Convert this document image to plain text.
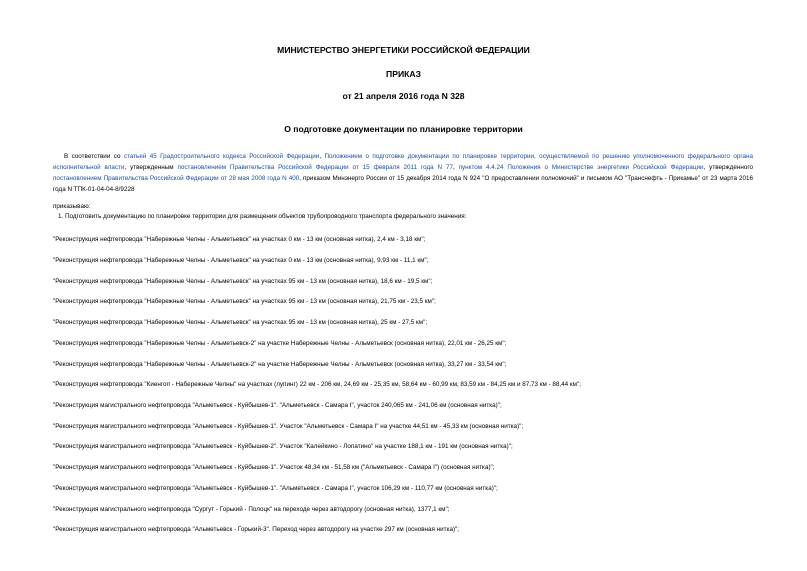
МИНИСТЕРСТВО ЭНЕРГЕТИКИ РОССИЙСКОЙ ФЕДЕРАЦИИ
ПРИКАЗ
от 21 апреля 2016 года N 328
О подготовке документации по планировке территории
В соответствии со статьей 45 Градостроительного кодекса Российской Федерации, Положением о подготовке документации по планировке территории, осуществляемой по решению уполномоченного федерального органа исполнительной власти, утвержденным постановлением Правительства Российской Федерации от 15 февраля 2011 года N 77, пунктом 4.4.24 Положения о Министерстве энергетики Российской Федерации, утвержденного постановлением Правительства Российской Федерации от 28 мая 2008 года N 400, приказом Минэнерго России от 15 декабря 2014 года N 924 "О предоставлении полномочий" и письмом АО "Транснефть - Прикамье" от 23 марта 2016 года N ТПК-01-04-04-8/9228
приказываю:
1. Подготовить документацию по планировке территории для размещения объектов трубопроводного транспорта федерального значения:
"Реконструкция нефтепровода "Набережные Челны - Альметьевск" на участках 0 км - 13 км (основная нитка), 2,4 км - 3,18 км";
"Реконструкция нефтепровода "Набережные Челны - Альметьевск" на участках 0 км - 13 км (основная нитка), 9,93 км - 11,1 км";
"Реконструкция нефтепровода "Набережные Челны - Альметьевск" на участках 95 км - 13 км (основная нитка), 18,6 км - 19,5 км";
"Реконструкция нефтепровода "Набережные Челны - Альметьевск" на участках 95 км - 13 км (основная нитка), 21,75 км - 23,5 км";
"Реконструкция нефтепровода "Набережные Челны - Альметьевск" на участках 95 км - 13 км (основная нитка), 25 км - 27,5 км";
"Реконструкция нефтепровода "Набережные Челны - Альметьевск-2" на участке Набережные Челны - Альметьевск (основная нитка), 22,01 км - 26,25 км";
"Реконструкция нефтепровода "Набережные Челны - Альметьевск-2" на участке Набережные Челны - Альметьевск (основная нитка), 33,27 км - 33,54 км";
"Реконструкция нефтепровода "Киенгоп - Набережные Челны" на участках (лупинг) 22 км - 206 км, 24,69 км - 25,35 км, 58,64 км - 60,99 км, 83,59 км - 84,25 км и 87,73 км - 88,44 км";
"Реконструкция магистрального нефтепровода "Альметьевск - Куйбышев-1". "Альметьевск - Самара I", участок 240,065 км - 241,06 км (основная нитка)";
"Реконструкция магистрального нефтепровода "Альметьевск - Куйбышев-1". Участок "Альметьевск - Самара I" на участке 44,51 км - 45,33 км (основная нитка)";
"Реконструкция магистрального нефтепровода "Альметьевск - Куйбышев-2". Участок "Калейкино - Лопатино" на участке 188,1 км - 191 км (основная нитка)";
"Реконструкция магистрального нефтепровода "Альметьевск - Куйбышев-1". Участок 48,34 км - 51,58 км ("Альметьевск - Самара I") (основная нитка)";
"Реконструкция магистрального нефтепровода "Альметьевск - Куйбышев-1". "Альметьевск - Самара I", участок 106,29 км - 110,77 км (основная нитка)";
"Реконструкция магистрального нефтепровода "Сургут - Горький - Полоцк" на переходе через автодорогу (основная нитка), 1377,1 км";
"Реконструкция магистрального нефтепровода "Альметьевск - Горький-3". Переход через автодорогу на участке 297 км (основная нитка)";
